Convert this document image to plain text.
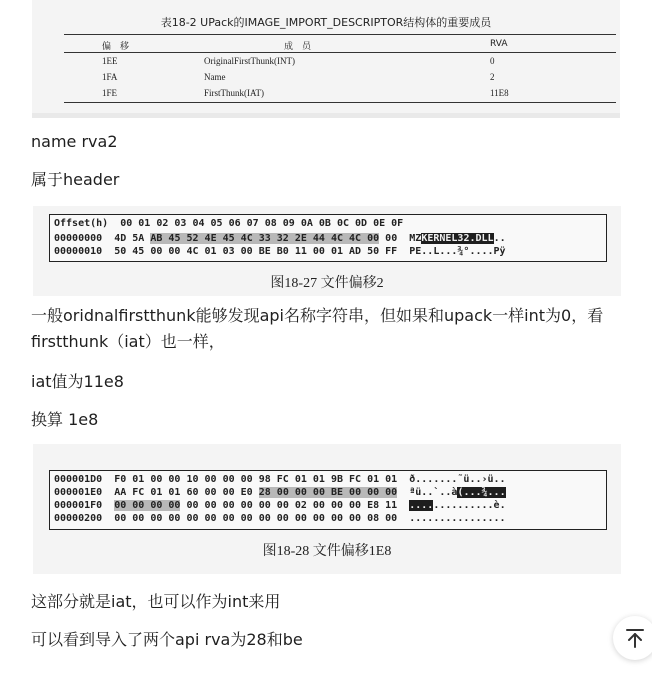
表18-2 UPack的IMAGE_IMPORT_DESCRIPTOR结构体的重要成员
偏　移	成　员	RVA
1EE	OriginalFirstThunk(INT)	0
1FA	Name	2
1FE	FirstThunk(IAT)	11E8
name rva2
属于header
Offset(h)  00 01 02 03 04 05 06 07 08 09 0A 0B 0C 0D 0E 0F
00000000 4D 5A AB 45 52 4E 45 4C 33 32 2E 44 4C 4C 00 00 MZKERNEL32.DLL..
00000010 50 45 00 00 4C 01 03 00 BE B0 11 00 01 AD 50 FF PE..L...¾°....Pÿ
图18-27 文件偏移2
一般oridnalfirstthunk能够发现api名称字符串，但如果和upack一样int为0，看
firstthunk（iat）也一样，
iat值为11e8
换算 1e8

000001D0 F0 01 00 00 10 00 00 00 98 FC 01 01 9B FC 01 01 ð.......˜ü..›ü..
000001E0 AA FC 01 01 60 00 00 E0 28 00 00 00 BE 00 00 00 ªü..`..à(...¾...
000001F0 00 00 00 00 00 00 00 00 00 00 02 00 00 00 E8 11 ..............è.
00000200 00 00 00 00 00 00 00 00 00 00 00 00 00 00 08 00 ................
图18-28 文件偏移1E8
这部分就是iat，也可以作为int来用
可以看到导入了两个api rva为28和be
